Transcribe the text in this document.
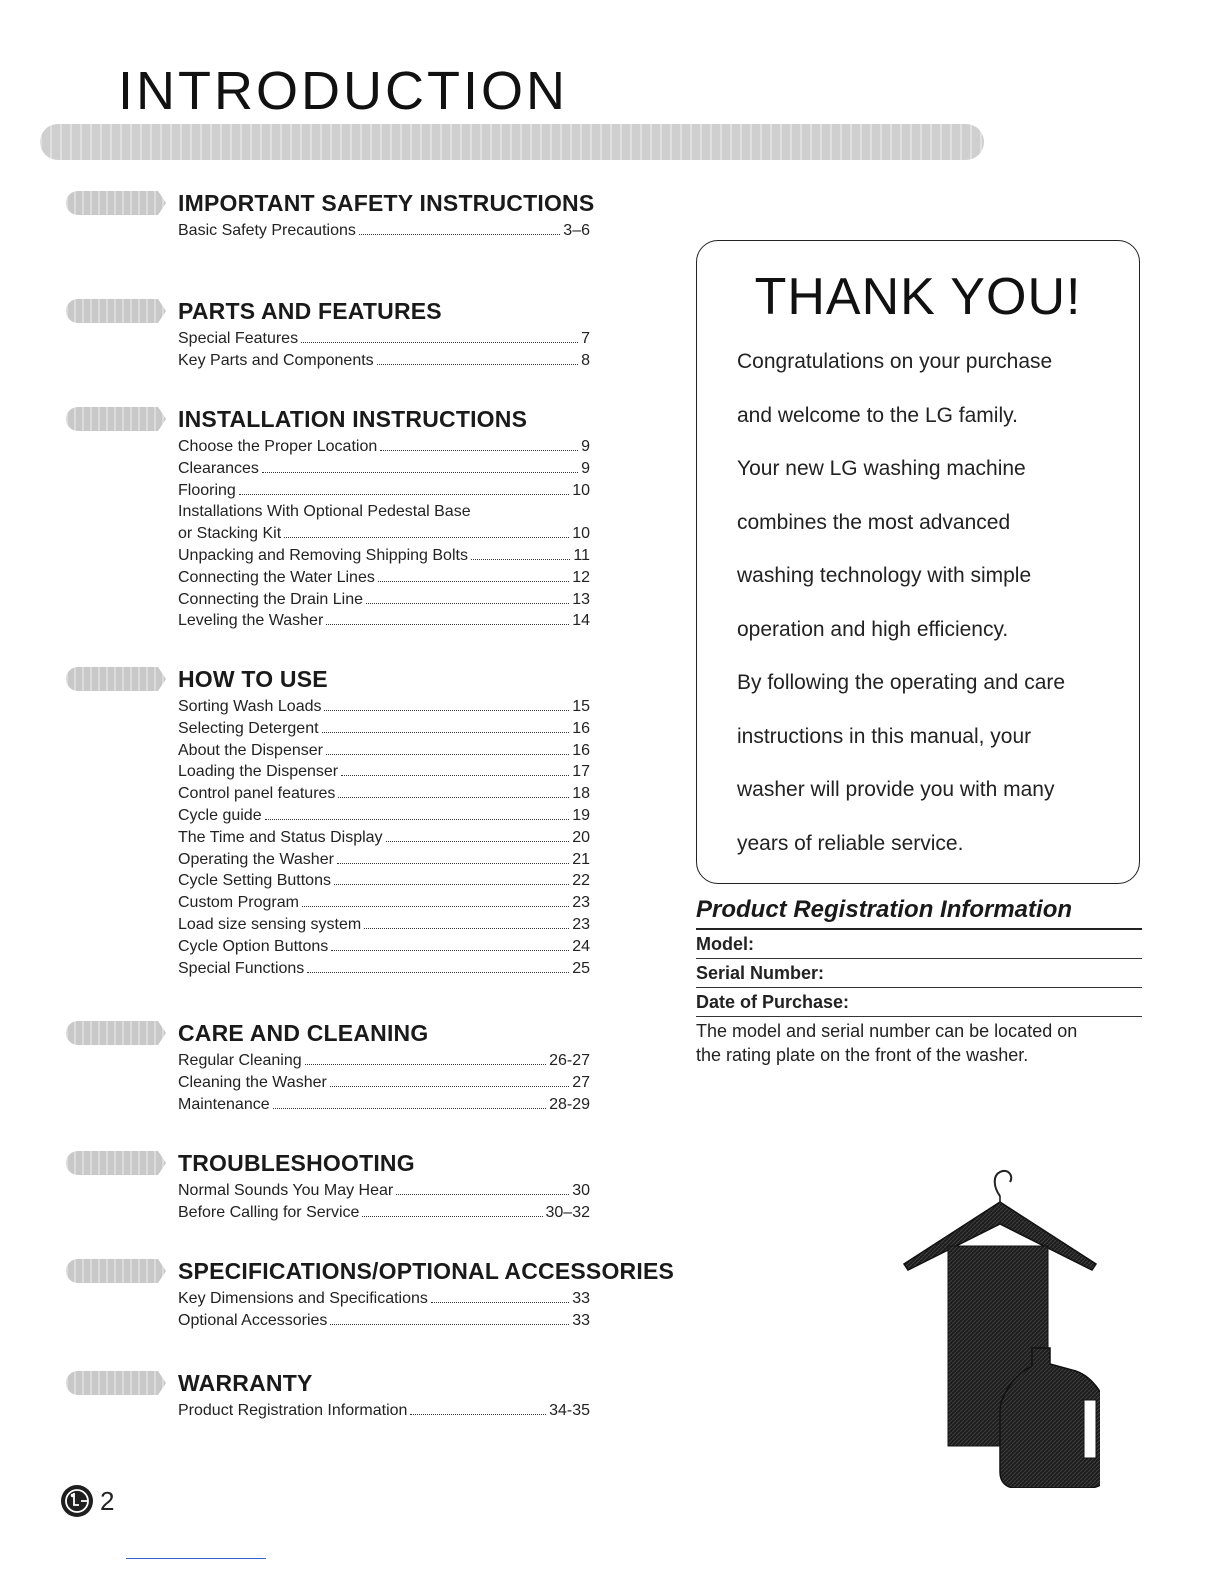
INTRODUCTION
IMPORTANT SAFETY INSTRUCTIONS
Basic Safety Precautions	3–6
PARTS AND FEATURES
Special Features	7
Key Parts and Components	8
INSTALLATION INSTRUCTIONS
Choose the Proper Location	9
Clearances	9
Flooring	10
Installations With Optional Pedestal Base
or Stacking Kit	10
Unpacking and Removing Shipping Bolts	11
Connecting the Water Lines	12
Connecting the Drain Line	13
Leveling the Washer	14
HOW TO USE
Sorting Wash Loads	15
Selecting Detergent	16
About the Dispenser	16
Loading the Dispenser	17
Control panel features	18
Cycle guide	19
The Time and Status Display	20
Operating the Washer	21
Cycle Setting Buttons	22
Custom Program	23
Load size sensing system	23
Cycle Option Buttons	24
Special Functions	25
CARE AND CLEANING
Regular Cleaning	26-27
Cleaning the Washer	27
Maintenance	28-29
TROUBLESHOOTING
Normal Sounds You May Hear	30
Before Calling for Service	30–32
SPECIFICATIONS/OPTIONAL ACCESSORIES
Key Dimensions and Specifications	33
Optional Accessories	33
WARRANTY
Product Registration Information	34-35
THANK YOU!
Congratulations on your purchase
and welcome to the LG family.
Your new LG washing machine
combines the most advanced
washing technology with simple
operation and high efficiency.
By following the operating and care
instructions in this manual, your
washer will provide you with many
years of reliable service.
Product Registration Information
Model:
Serial Number:
Date of Purchase:
The model and serial number can be located on
the rating plate on the front of the washer.
2
